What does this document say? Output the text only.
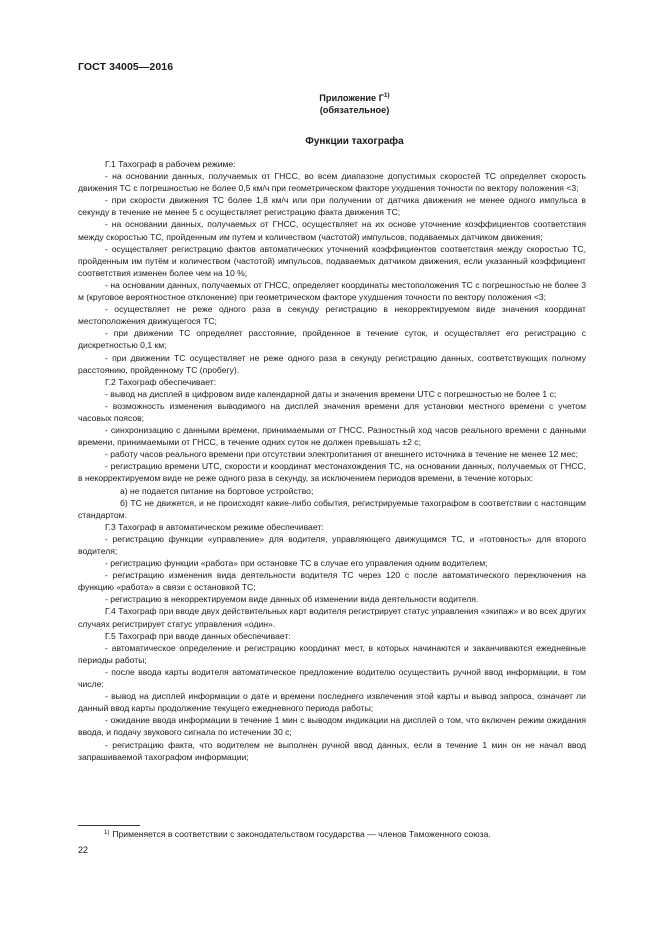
ГОСТ 34005—2016
Приложение $Г^{1)}$
(обязательное)
Функции тахографа

Г.1 Тахограф в рабочем режиме:

- на основании данных, получаемых от ГНСС, во всем диапазоне допустимых скоростей ТС определяет скорость движения ТС с погрешностью не более 0,5 км/ч при геометрическом факторе ухудшения точности по вектору положения <3;

- при скорости движения ТС более 1,8 км/ч или при получении от датчика движения не менее одного импульса в секунду в течение не менее 5 с осуществляет регистрацию факта движения ТС;

- на основании данных, получаемых от ГНСС, осуществляет на их основе уточнение коэффициентов соответствия между скоростью ТС, пройденным им путем и количеством (частотой) импульсов, подаваемых датчиком движения;

- осуществляет регистрацию фактов автоматических уточнений коэффициентов соответствия между скоростью ТС, пройденным им путём и количеством (частотой) импульсов, подаваемых датчиком движения, если указанный коэффициент соответствия изменен более чем на 10 %;

- на основании данных, получаемых от ГНСС, определяет координаты местоположения ТС с погрешностью не более 3 м (круговое вероятностное отклонение) при геометрическом факторе ухудшения точности по вектору положения <3;

- осуществляет не реже одного раза в секунду регистрацию в некорректируемом виде значения координат местоположения движущегося ТС;

- при движении ТС определяет расстояние, пройденное в течение суток, и осуществляет его регистрацию с дискретностью 0,1 км;

- при движении ТС осуществляет не реже одного раза в секунду регистрацию данных, соответствующих полному расстоянию, пройденному ТС (пробегу).

Г.2 Тахограф обеспечивает:

- вывод на дисплей в цифровом виде календарной даты и значения времени UTC с погрешностью не более 1 с;

- возможность изменения выводимого на дисплей значения времени для установки местного времени с учетом часовых поясов;

- синхронизацию с данными времени, принимаемыми от ГНСС. Разностный ход часов реального времени с данными времени, принимаемыми от ГНСС, в течение одних суток не должен превышать ±2 с;

- работу часов реального времени при отсутствии электропитания от внешнего источника в течение не менее 12 мес;

- регистрацию времени UTC, скорости и координат местонахождения ТС, на основании данных, получаемых от ГНСС, в некорректируемом виде не реже одного раза в секунду, за исключением периодов времени, в течение которых:

а) не подается питание на бортовое устройство;

б) ТС не движется, и не происходят какие-либо события, регистрируемые тахографом в соответствии с настоящим стандартом.

Г.3 Тахограф в автоматическом режиме обеспечивает:

- регистрацию функции «управление» для водителя, управляющего движущимся ТС, и «готовность» для второго водителя;

- регистрацию функции «работа» при остановке ТС в случае его управления одним водителем;

- регистрацию изменения вида деятельности водителя ТС через 120 с после автоматического переключения на функцию «работа» в связи с остановкой ТС;

- регистрацию в некорректируемом виде данных об изменении вида деятельности водителя.

Г.4 Тахограф при вводе двух действительных карт водителя регистрирует статус управления «экипаж» и во всех других случаях регистрирует статус управления «один».

Г.5 Тахограф при вводе данных обеспечивает:

- автоматическое определение и регистрацию координат мест, в которых начинаются и заканчиваются ежедневные периоды работы;

- после ввода карты водителя автоматическое предложение водителю осуществить ручной ввод информации, в том числе:

- вывод на дисплей информации о дате и времени последнего извлечения этой карты и вывод запроса, означает ли данный ввод карты продолжение текущего ежедневного периода работы;

- ожидание ввода информации в течение 1 мин с выводом индикации на дисплей о том, что включен режим ожидания ввода, и подачу звукового сигнала по истечении 30 с;

- регистрацию факта, что водителем не выполнен ручной ввод данных, если в течение 1 мин он не начал ввод запрашиваемой тахографом информации;

$^{1)}$ Применяется в соответствии с законодательством государства — членов Таможенного союза.
22
